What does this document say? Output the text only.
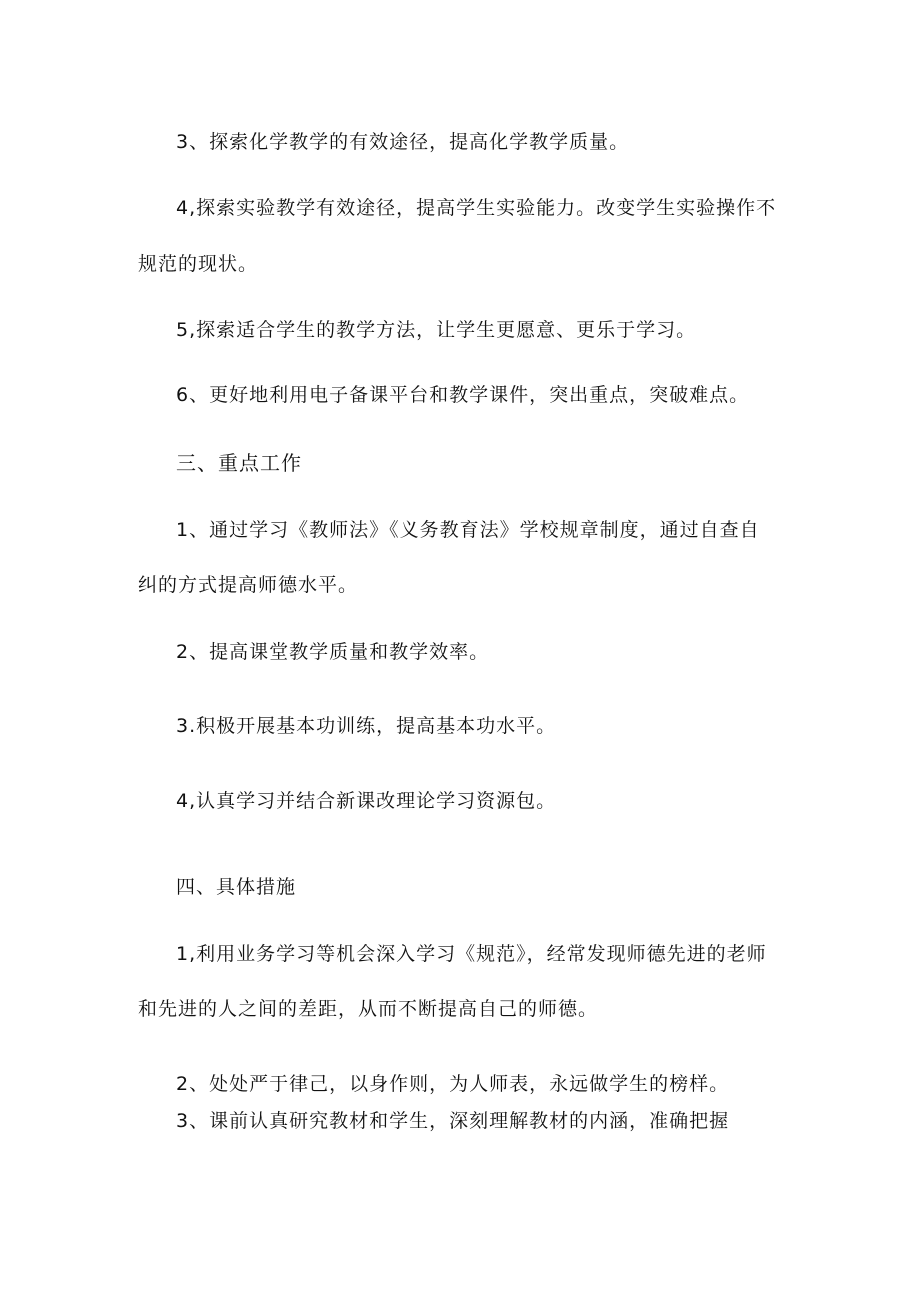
3、探索化学教学的有效途径，提高化学教学质量。
4,探索实验教学有效途径，提高学生实验能力。改变学生实验操作不
规范的现状。
5,探索适合学生的教学方法，让学生更愿意、更乐于学习。
6、更好地利用电子备课平台和教学课件，突出重点，突破难点。
三、重点工作
1、通过学习《教师法》《义务教育法》学校规章制度，通过自查自
纠的方式提高师德水平。
2、提高课堂教学质量和教学效率。
3.积极开展基本功训练，提高基本功水平。
4,认真学习并结合新课改理论学习资源包。
四、具体措施
1,利用业务学习等机会深入学习《规范》，经常发现师德先进的老师
和先进的人之间的差距，从而不断提高自己的师德。
2、处处严于律己，以身作则，为人师表，永远做学生的榜样。
3、课前认真研究教材和学生，深刻理解教材的内涵，准确把握
